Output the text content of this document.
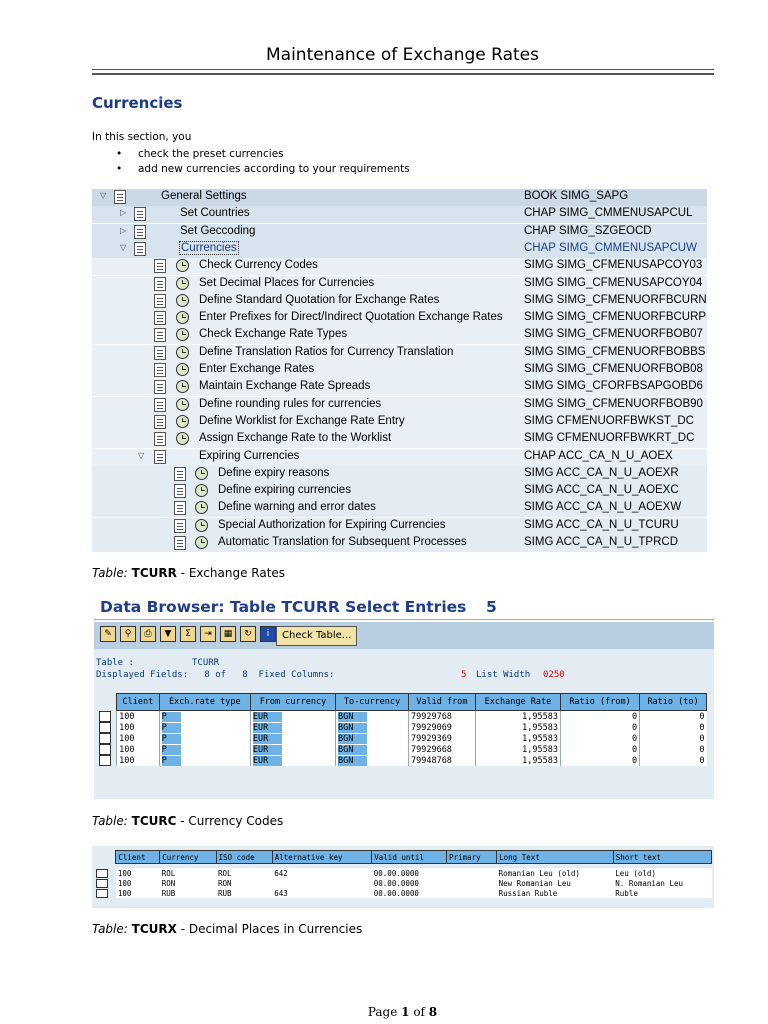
Maintenance of Exchange Rates
Currencies
In this section, you
• check the preset currencies
• add new currencies according to your requirements
▽	General Settings	BOOK SIMG_SAPG
▷	Set Countries	CHAP SIMG_CMMENUSAPCUL
▷	Set Geccoding	CHAP SIMG_SZGEOCD
▽	Currencies	CHAP SIMG_CMMENUSAPCUW
Check Currency Codes	SIMG SIMG_CFMENUSAPCOY03
Set Decimal Places for Currencies	SIMG SIMG_CFMENUSAPCOY04
Define Standard Quotation for Exchange Rates	SIMG SIMG_CFMENUORFBCURN
Enter Prefixes for Direct/Indirect Quotation Exchange Rates SIMG SIMG_CFMENUORFBCURP
Check Exchange Rate Types	SIMG SIMG_CFMENUORFBOB07
Define Translation Ratios for Currency Translation	SIMG SIMG_CFMENUORFBOBBS
Enter Exchange Rates	SIMG SIMG_CFMENUORFBOB08
Maintain Exchange Rate Spreads	SIMG SIMG_CFORFBSAPGOBD6
Define rounding rules for currencies	SIMG SIMG_CFMENUORFBOB90
Define Worklist for Exchange Rate Entry	SIMG CFMENUORFBWKST_DC
Assign Exchange Rate to the Worklist	SIMG CFMENUORFBWKRT_DC
▽	Expiring Currencies	CHAP ACC_CA_N_U_AOEX
Define expiry reasons	SIMG ACC_CA_N_U_AOEXR
Define expiring currencies	SIMG ACC_CA_N_U_AOEXC
Define warning and error dates	SIMG ACC_CA_N_U_AOEXW
Special Authorization for Expiring Currencies	SIMG ACC_CA_N_U_TCURU
Automatic Translation for Subsequent Processes	SIMG ACC_CA_N_U_TPRCD
Table: TCURR - Exchange Rates
Data Browser: Table TCURR Select Entries 5
✎	⚲	⎙	▼	Σ	⇥	▦	↻	i	Check Table...
Table :	TCURR
Displayed Fields:   8 of   8  Fixed Columns:	5 List Width 0250
	Client	Exch.rate type	From currency	To-currency	Valid from	Exchange Rate	Ratio (from)	Ratio (to)
	100	P	EUR	BGN	79929768	1,95583	0	0
	100	P	EUR	BGN	79929069	1,95583	0	0
	100	P	EUR	BGN	79929369	1,95583	0	0
	100	P	EUR	BGN	79929668	1,95583	0	0
	100	P	EUR	BGN	79948768	1,95583	0	0
Table: TCURC - Currency Codes
	Client	Currency	ISO code	Alternative key	Valid until	Primary	Long Text	Short text

	100	ROL	ROL	642	00.00.0000		Romanian Leu (old)	Leu (old)
	100	RON	RON		00.00.0000		New Romanian Leu	N. Romanian Leu
	100	RUB	RUB	643	00.00.0000		Russian Ruble	Ruble
Table: TCURX - Decimal Places in Currencies
Page 1 of 8
